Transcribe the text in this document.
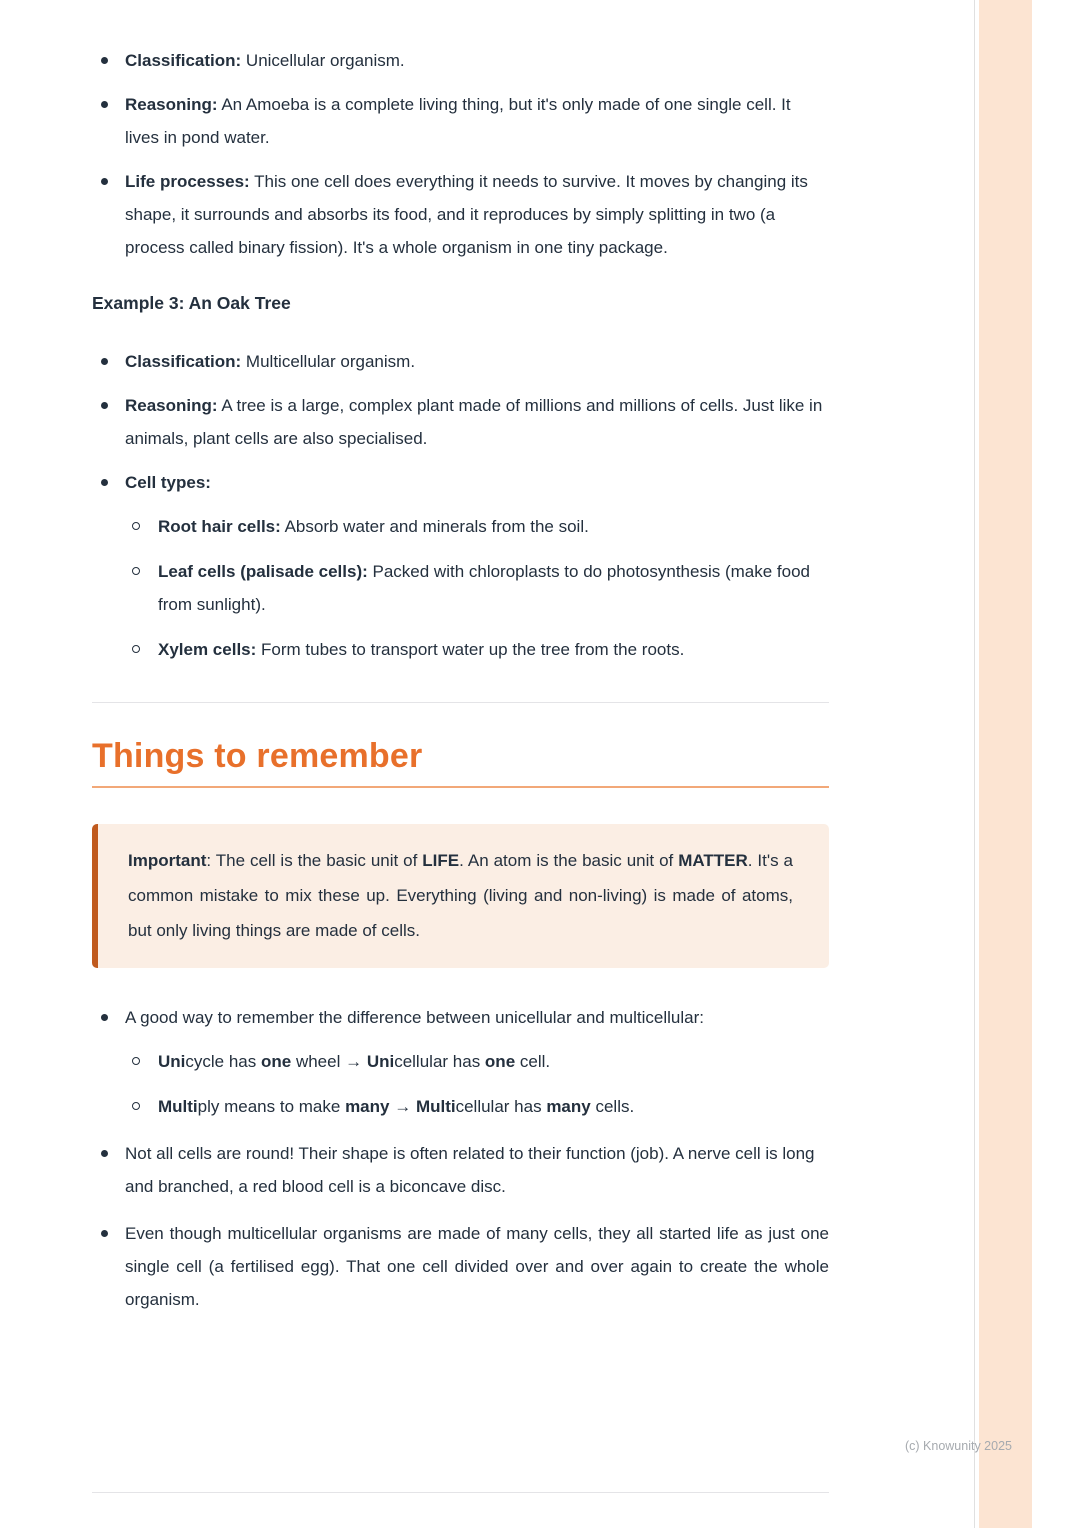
Classification: Unicellular organism.
Reasoning: An Amoeba is a complete living thing, but it's only made of one single cell. It lives in pond water.
Life processes: This one cell does everything it needs to survive. It moves by changing its shape, it surrounds and absorbs its food, and it reproduces by simply splitting in two (a process called binary fission). It's a whole organism in one tiny package.
Example 3: An Oak Tree
Classification: Multicellular organism.
Reasoning: A tree is a large, complex plant made of millions and millions of cells. Just like in animals, plant cells are also specialised.
Cell types:
Root hair cells: Absorb water and minerals from the soil.
Leaf cells (palisade cells): Packed with chloroplasts to do photosynthesis (make food from sunlight).
Xylem cells: Form tubes to transport water up the tree from the roots.
Things to remember

Important: The cell is the basic unit of LIFE. An atom is the basic unit of MATTER. It's a common mistake to mix these up. Everything (living and non-living) is made of atoms, but only living things are made of cells.

A good way to remember the difference between unicellular and multicellular:
Unicycle has one wheel → Unicellular has one cell.
Multiply means to make many → Multicellular has many cells.
Not all cells are round! Their shape is often related to their function (job). A nerve cell is long and branched, a red blood cell is a biconcave disc.
Even though multicellular organisms are made of many cells, they all started life as just one single cell (a fertilised egg). That one cell divided over and over again to create the whole organism.
(c) Knowunity 2025
